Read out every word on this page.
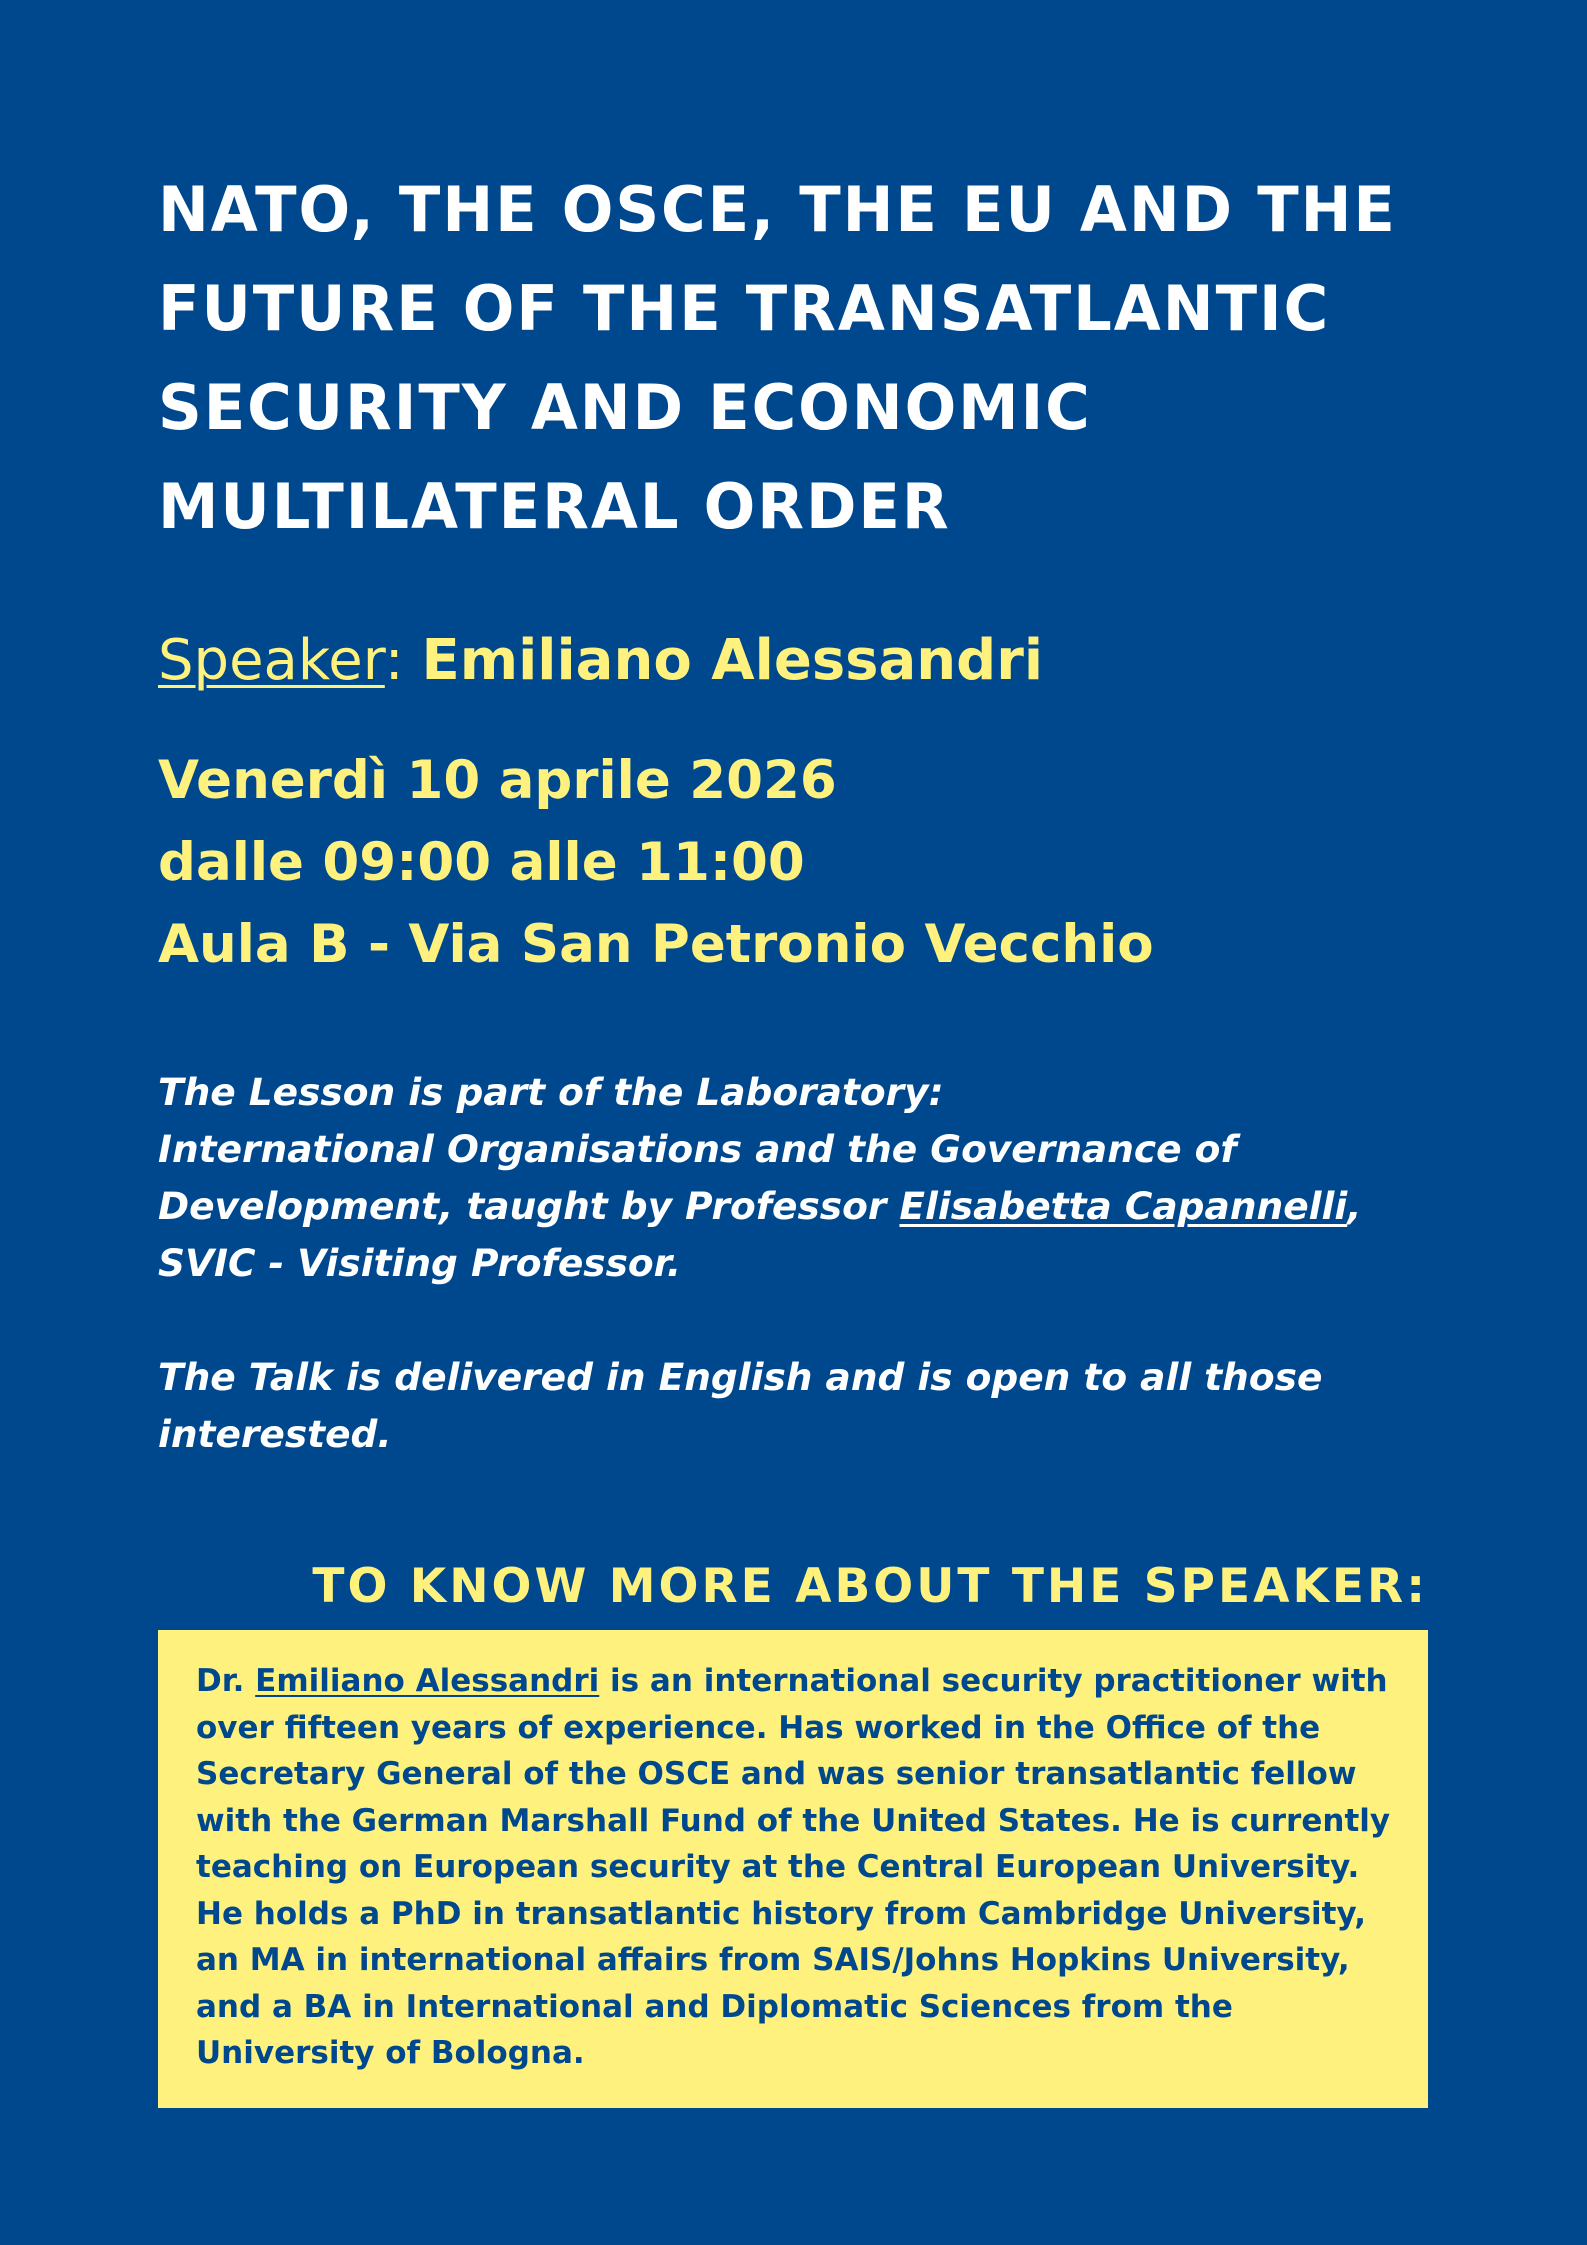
NATO, THE OSCE, THE EU AND THE
FUTURE OF THE TRANSATLANTIC
SECURITY AND ECONOMIC
MULTILATERAL ORDER
Speaker: Emiliano Alessandri
Venerdì 10 aprile 2026
dalle 09:00 alle 11:00
Aula B - Via San Petronio Vecchio
The Lesson is part of the Laboratory:
International Organisations and the Governance of
Development, taught by Professor Elisabetta Capannelli,
SVIC - Visiting Professor.
The Talk is delivered in English and is open to all those
interested.
TO KNOW MORE ABOUT THE SPEAKER:
Dr. Emiliano Alessandri is an international security practitioner with
over fifteen years of experience. Has worked in the Office of the
Secretary General of the OSCE and was senior transatlantic fellow
with the German Marshall Fund of the United States. He is currently
teaching on European security at the Central European University.
He holds a PhD in transatlantic history from Cambridge University,
an MA in international affairs from SAIS/Johns Hopkins University,
and a BA in International and Diplomatic Sciences from the
University of Bologna.
